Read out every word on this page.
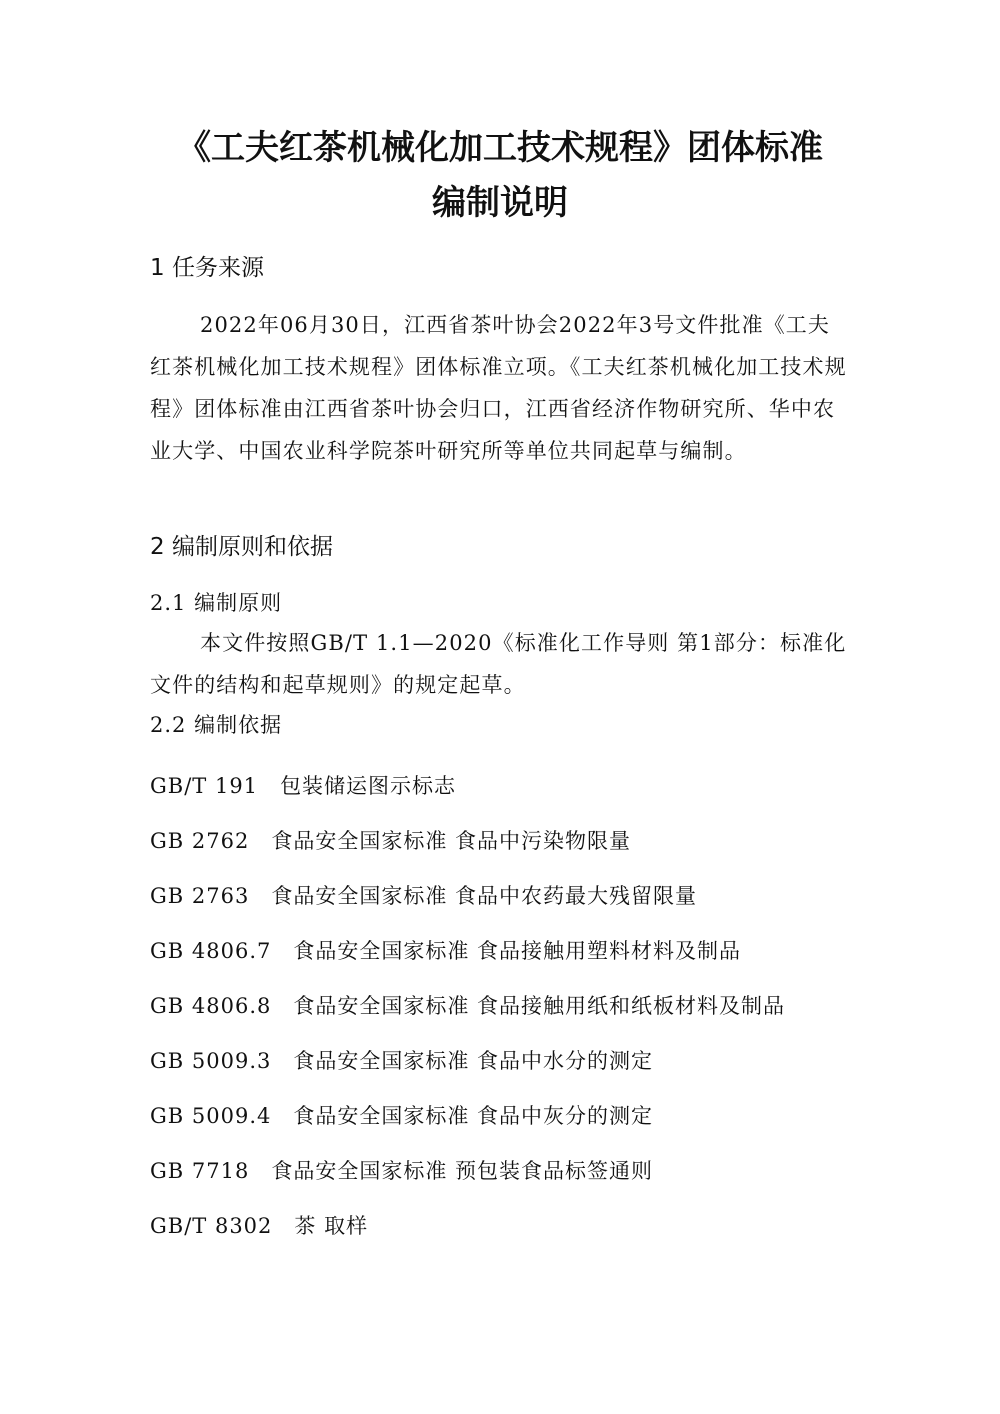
《工夫红茶机械化加工技术规程》团体标准
编制说明
1 任务来源

2022年06月30日，江西省茶叶协会2022年3号文件批准《工夫红茶机械化加工技术规程》团体标准立项。《工夫红茶机械化加工技术规程》团体标准由江西省茶叶协会归口，江西省经济作物研究所、华中农业大学、中国农业科学院茶叶研究所等单位共同起草与编制。

2 编制原则和依据
2.1 编制原则

本文件按照GB/T 1.1—2020《标准化工作导则 第1部分：标准化文件的结构和起草规则》的规定起草。

2.2 编制依据
GB/T 191　 包装储运图示标志
GB 2762　 食品安全国家标准 食品中污染物限量
GB 2763　 食品安全国家标准 食品中农药最大残留限量
GB 4806.7　 食品安全国家标准 食品接触用塑料材料及制品
GB 4806.8　 食品安全国家标准 食品接触用纸和纸板材料及制品
GB 5009.3　 食品安全国家标准 食品中水分的测定
GB 5009.4　 食品安全国家标准 食品中灰分的测定
GB 7718　 食品安全国家标准 预包装食品标签通则
GB/T 8302　 茶 取样
